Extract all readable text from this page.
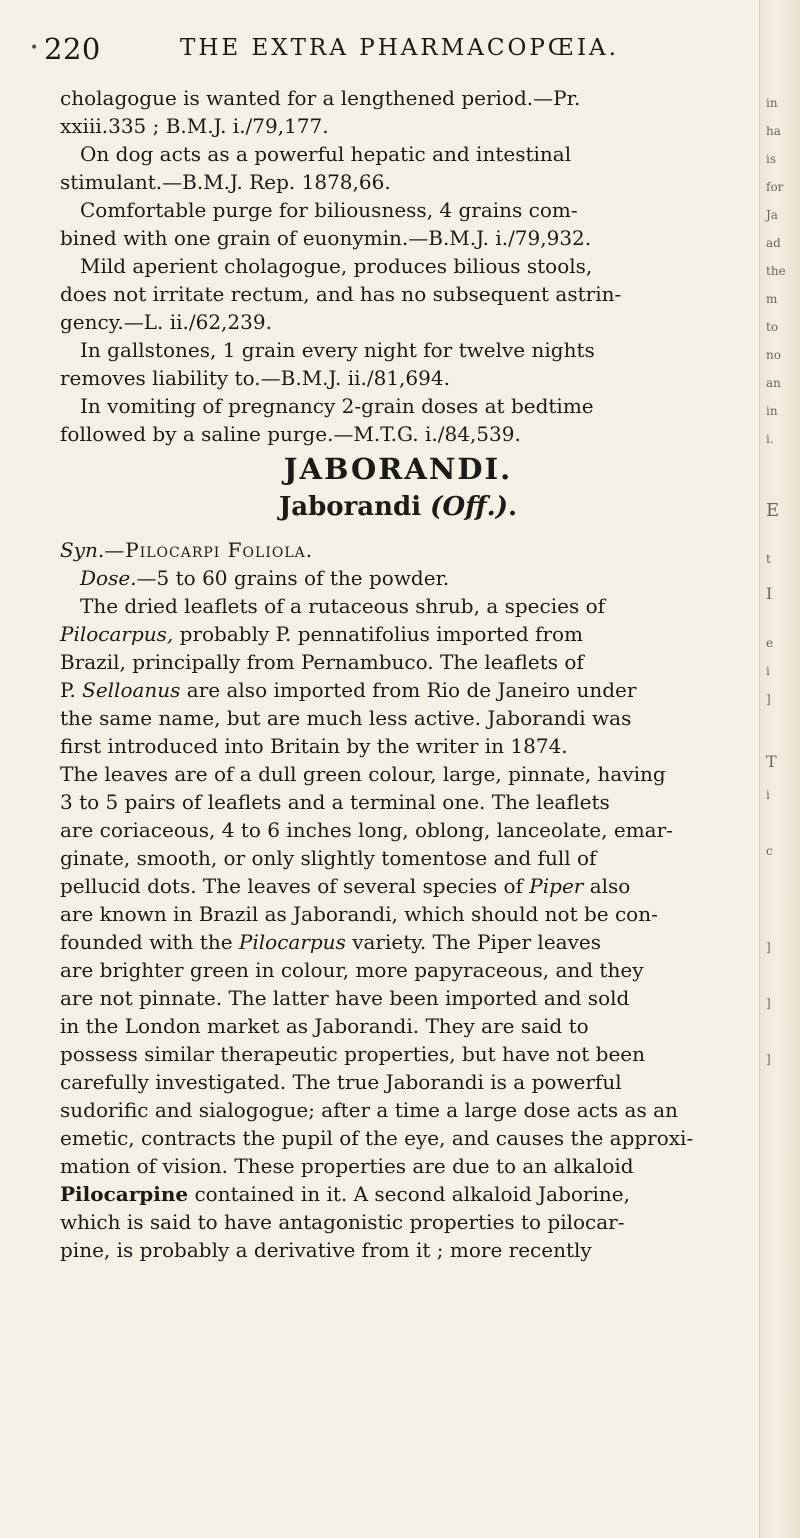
• 220	THE EXTRA PHARMACOPŒIA.
cholagogue is wanted for a lengthened period.—Pr.
xxiii.335 ; B.M.J. i./79,177.
On dog acts as a powerful hepatic and intestinal
stimulant.—B.M.J. Rep. 1878,66.
Comfortable purge for biliousness, 4 grains com-
bined with one grain of euonymin.—B.M.J. i./79,932.
Mild aperient cholagogue, produces bilious stools,
does not irritate rectum, and has no subsequent astrin-
gency.—L. ii./62,239.
In gallstones, 1 grain every night for twelve nights
removes liability to.—B.M.J. ii./81,694.
In vomiting of pregnancy 2-grain doses at bedtime
followed by a saline purge.—M.T.G. i./84,539.
JABORANDI.
Jaborandi (Off.).
Syn.—Pilocarpi Foliola.
Dose.—5 to 60 grains of the powder.
The dried leaflets of a rutaceous shrub, a species of
Pilocarpus, probably P. pennatifolius imported from
Brazil, principally from Pernambuco. The leaflets of
P. Selloanus are also imported from Rio de Janeiro under
the same name, but are much less active. Jaborandi was
first introduced into Britain by the writer in 1874.
The leaves are of a dull green colour, large, pinnate, having
3 to 5 pairs of leaflets and a terminal one. The leaflets
are coriaceous, 4 to 6 inches long, oblong, lanceolate, emar-
ginate, smooth, or only slightly tomentose and full of
pellucid dots. The leaves of several species of Piper also
are known in Brazil as Jaborandi, which should not be con-
founded with the Pilocarpus variety. The Piper leaves
are brighter green in colour, more papyraceous, and they
are not pinnate. The latter have been imported and sold
in the London market as Jaborandi. They are said to
possess similar therapeutic properties, but have not been
carefully investigated. The true Jaborandi is a powerful
sudorific and sialogogue; after a time a large dose acts as an
emetic, contracts the pupil of the eye, and causes the approxi-
mation of vision. These properties are due to an alkaloid
Pilocarpine contained in it. A second alkaloid Jaborine,
which is said to have antagonistic properties to pilocar-
pine, is probably a derivative from it ; more recently
in
ha
is
for
Ja
ad
the
m
to
no
an
in
i.
E
t
I
e
i
]
T
i
c
]
]
]
